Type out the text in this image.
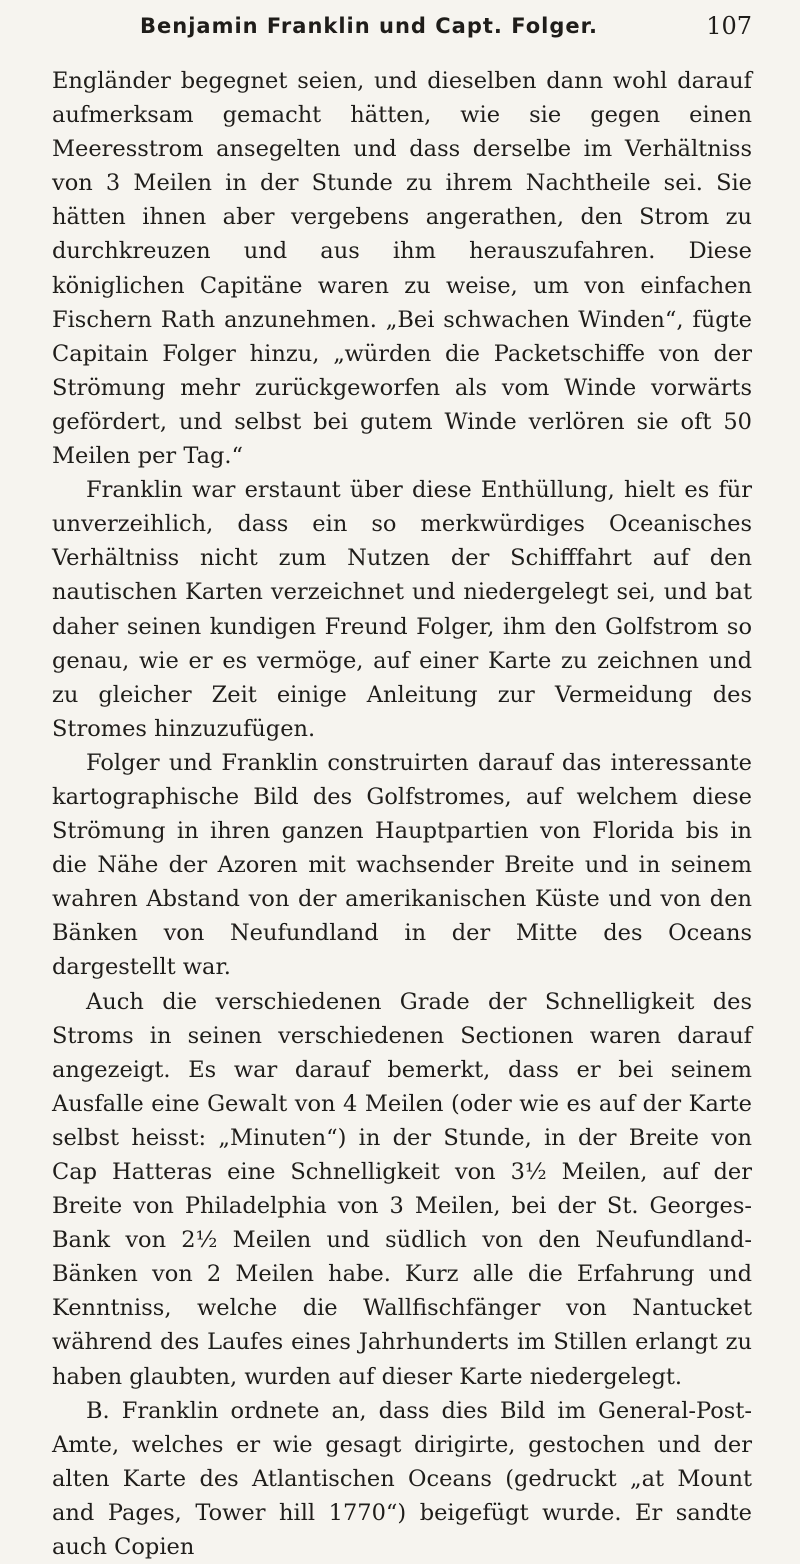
Benjamin Franklin und Capt. Folger.	107

Engländer begegnet seien, und dieselben dann wohl darauf aufmerksam gemacht hätten, wie sie gegen einen Meeresstrom ansegelten und dass derselbe im Verhältniss von 3 Meilen in der Stunde zu ihrem Nachtheile sei. Sie hätten ihnen aber vergebens angerathen, den Strom zu durchkreuzen und aus ihm herauszufahren. Diese königlichen Capitäne waren zu weise, um von einfachen Fischern Rath anzunehmen. „Bei schwachen Winden“, fügte Capitain Folger hinzu, „würden die Packetschiffe von der Strömung mehr zurückgeworfen als vom Winde vorwärts gefördert, und selbst bei gutem Winde verlören sie oft 50 Meilen per Tag.“

Franklin war erstaunt über diese Enthüllung, hielt es für unverzeihlich, dass ein so merkwürdiges Oceanisches Verhältniss nicht zum Nutzen der Schifffahrt auf den nautischen Karten verzeichnet und niedergelegt sei, und bat daher seinen kundigen Freund Folger, ihm den Golfstrom so genau, wie er es vermöge, auf einer Karte zu zeichnen und zu gleicher Zeit einige Anleitung zur Vermeidung des Stromes hinzuzufügen.

Folger und Franklin construirten darauf das interessante kartographische Bild des Golfstromes, auf welchem diese Strömung in ihren ganzen Hauptpartien von Florida bis in die Nähe der Azoren mit wachsender Breite und in seinem wahren Abstand von der amerikanischen Küste und von den Bänken von Neufundland in der Mitte des Oceans dargestellt war.

Auch die verschiedenen Grade der Schnelligkeit des Stroms in seinen verschiedenen Sectionen waren darauf angezeigt. Es war darauf bemerkt, dass er bei seinem Ausfalle eine Gewalt von 4 Meilen (oder wie es auf der Karte selbst heisst: „Minuten“) in der Stunde, in der Breite von Cap Hatteras eine Schnelligkeit von 3½ Meilen, auf der Breite von Philadelphia von 3 Meilen, bei der St. Georges-Bank von 2½ Meilen und südlich von den Neufundland-Bänken von 2 Meilen habe. Kurz alle die Erfahrung und Kenntniss, welche die Wallfischfänger von Nantucket während des Laufes eines Jahrhunderts im Stillen erlangt zu haben glaubten, wurden auf dieser Karte niedergelegt.

B. Franklin ordnete an, dass dies Bild im General-Post-Amte, welches er wie gesagt dirigirte, gestochen und der alten Karte des Atlantischen Oceans (gedruckt „at Mount and Pages, Tower hill 1770“) beigefügt wurde. Er sandte auch Copien
